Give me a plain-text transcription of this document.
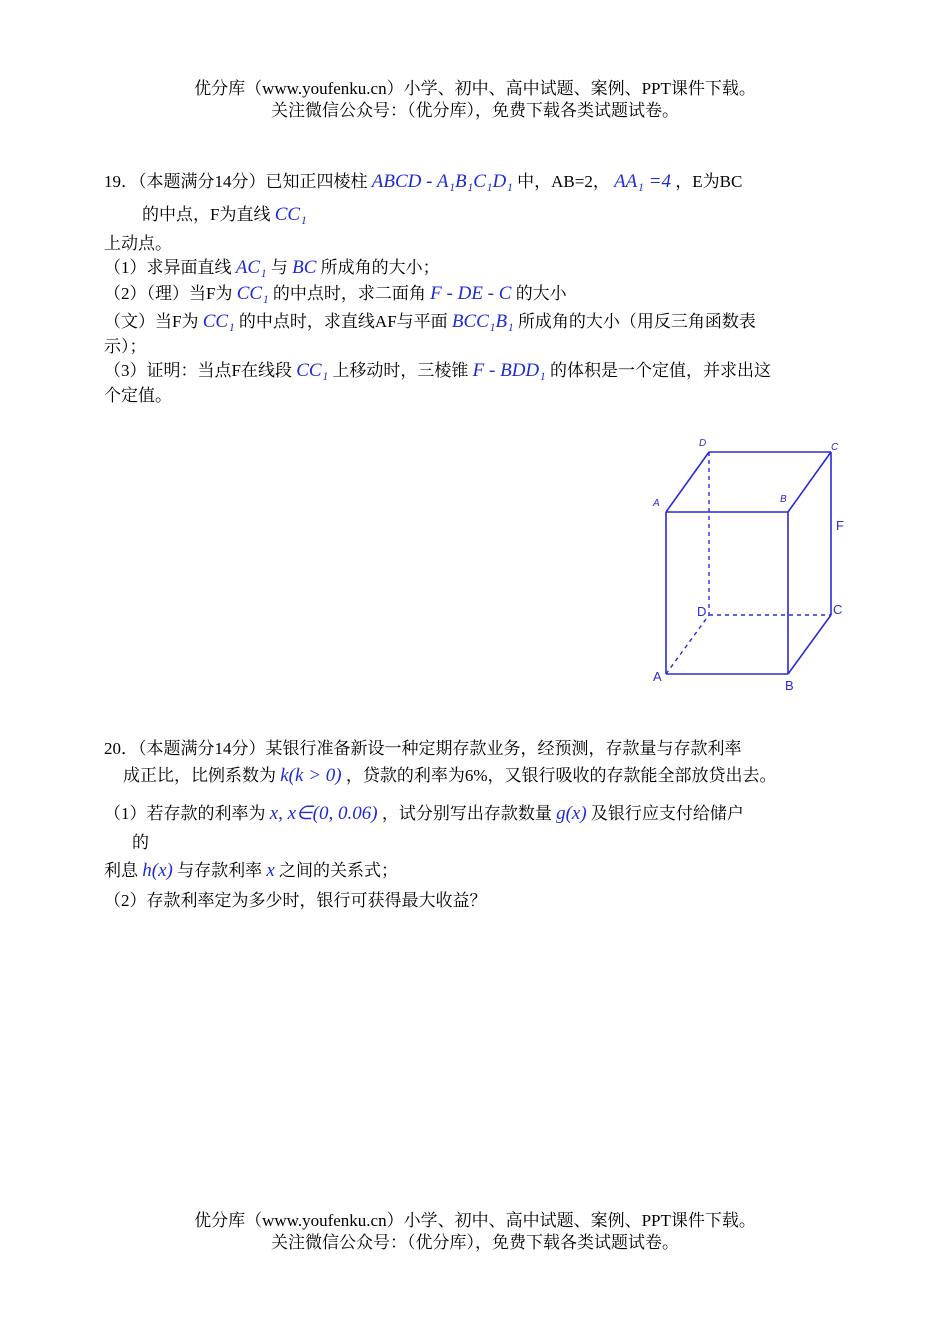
优分库（www.youfenku.cn）小学、初中、高中试题、案例、PPT课件下载。
关注微信公众号：（优分库），免费下载各类试题试卷。
19．（本题满分14分）已知正四棱柱 ABCD - A₁B₁C₁D₁ 中，AB=2， AA₁ =4 ，E为BC
的中点，F为直线 CC₁
上动点。
（1）求异面直线 AC₁ 与 BC 所成角的大小；
（2）（理）当F为 CC₁ 的中点时，求二面角 F - DE - C 的大小
（文）当F为 CC₁ 的中点时，求直线AF与平面 BCC₁B₁ 所成角的大小（用反三角函数表
示）；
（3）证明：当点F在线段 CC₁ 上移动时，三棱锥 F - BDD₁ 的体积是一个定值，并求出这
个定值。
D	C
A	B
F
D	C
A
B
20．（本题满分14分）某银行准备新设一种定期存款业务，经预测，存款量与存款利率
成正比，比例系数为 k(k > 0) ，贷款的利率为6%，又银行吸收的存款能全部放贷出去。
（1）若存款的利率为 x, x∈(0, 0.06) ，试分别写出存款数量 g(x) 及银行应支付给储户
的
利息 h(x) 与存款利率 x 之间的关系式；
（2）存款利率定为多少时，银行可获得最大收益？
优分库（www.youfenku.cn）小学、初中、高中试题、案例、PPT课件下载。
关注微信公众号：（优分库），免费下载各类试题试卷。
